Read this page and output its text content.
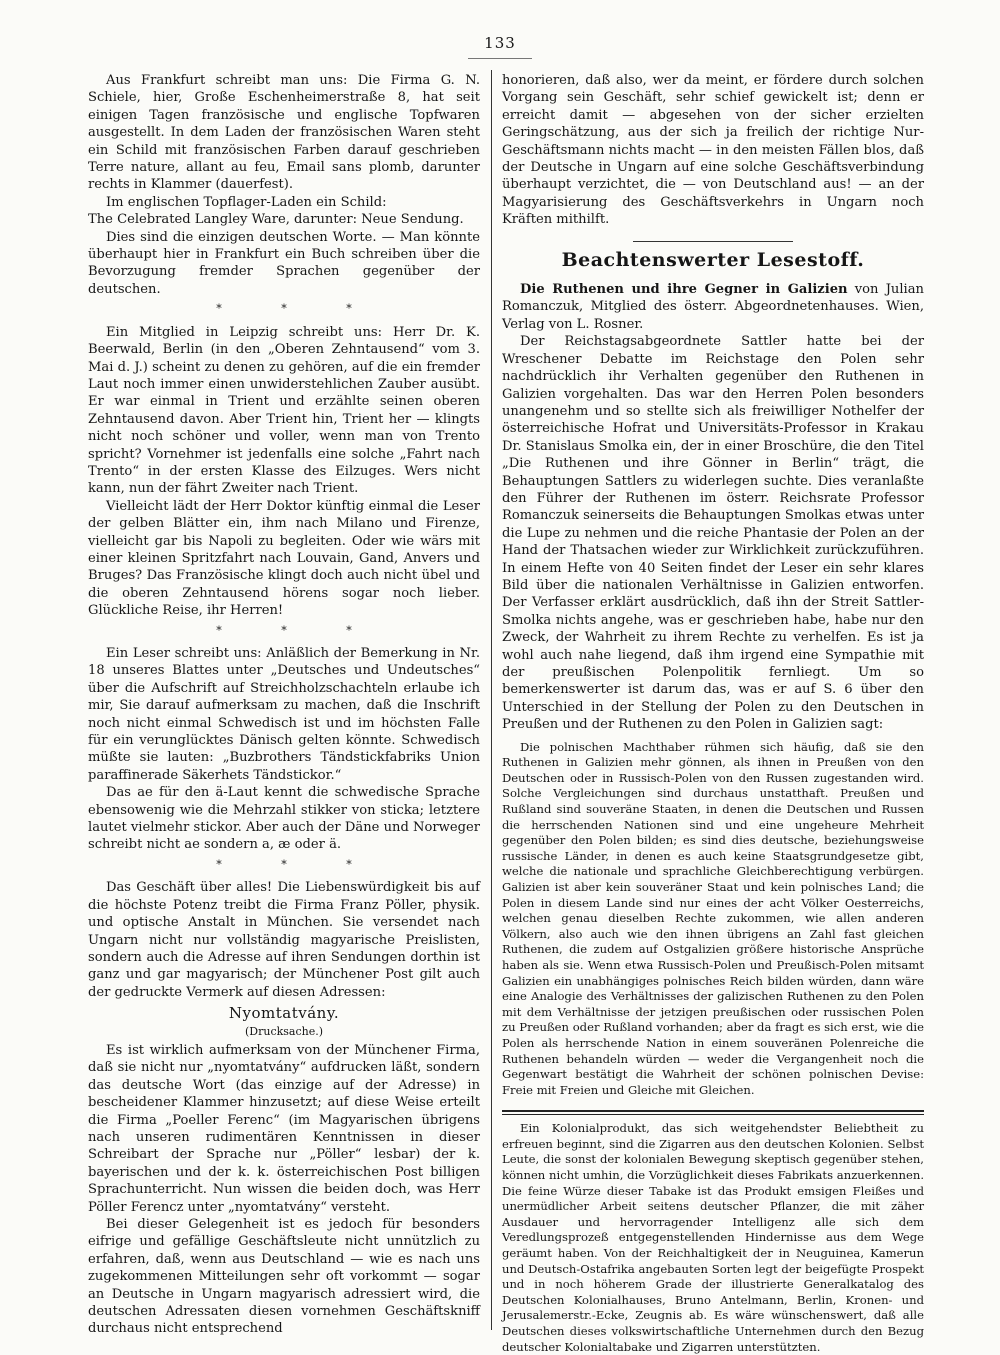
133

Aus Frankfurt schreibt man uns: Die Firma G. N. Schiele, hier, Große Eschenheimerstraße 8, hat seit einigen Tagen französische und englische Topfwaren ausgestellt. In dem Laden der französischen Waren steht ein Schild mit französischen Farben darauf geschrieben Terre nature, allant au feu, Email sans plomb, darunter rechts in Klammer (dauerfest).

Im englischen Topflager-Laden ein Schild:

The Celebrated Langley Ware, darunter: Neue Sendung.

Dies sind die einzigen deutschen Worte. — Man könnte überhaupt hier in Frankfurt ein Buch schreiben über die Bevorzugung fremder Sprachen gegenüber der deutschen.

* * *

Ein Mitglied in Leipzig schreibt uns: Herr Dr. K. Beerwald, Berlin (in den „Oberen Zehntausend“ vom 3. Mai d. J.) scheint zu denen zu gehören, auf die ein fremder Laut noch immer einen unwiderstehlichen Zauber ausübt. Er war einmal in Trient und erzählte seinen oberen Zehntausend davon. Aber Trient hin, Trient her — klingts nicht noch schöner und voller, wenn man von Trento spricht? Vornehmer ist jedenfalls eine solche „Fahrt nach Trento“ in der ersten Klasse des Eilzuges. Wers nicht kann, nun der fährt Zweiter nach Trient.

Vielleicht lädt der Herr Doktor künftig einmal die Leser der gelben Blätter ein, ihm nach Milano und Firenze, vielleicht gar bis Napoli zu begleiten. Oder wie wärs mit einer kleinen Spritzfahrt nach Louvain, Gand, Anvers und Bruges? Das Französische klingt doch auch nicht übel und die oberen Zehntausend hörens sogar noch lieber. Glückliche Reise, ihr Herren!

* * *

Ein Leser schreibt uns: Anläßlich der Bemerkung in Nr. 18 unseres Blattes unter „Deutsches und Undeutsches“ über die Aufschrift auf Streichholzschachteln erlaube ich mir, Sie darauf aufmerksam zu machen, daß die Inschrift noch nicht einmal Schwedisch ist und im höchsten Falle für ein verunglücktes Dänisch gelten könnte. Schwedisch müßte sie lauten: „Buzbrothers Tändstickfabriks Union paraffinerade Säkerhets Tändstickor.“

Das ae für den ä-Laut kennt die schwedische Sprache ebensowenig wie die Mehrzahl stikker von sticka; letztere lautet vielmehr stickor. Aber auch der Däne und Norweger schreibt nicht ae sondern a, æ oder ä.

* * *

Das Geschäft über alles! Die Liebenswürdigkeit bis auf die höchste Potenz treibt die Firma Franz Pöller, physik. und optische Anstalt in München. Sie versendet nach Ungarn nicht nur vollständig magyarische Preislisten, sondern auch die Adresse auf ihren Sendungen dorthin ist ganz und gar magyarisch; der Münchener Post gilt auch der gedruckte Vermerk auf diesen Adressen:

Nyomtatvány.
(Drucksache.)

Es ist wirklich aufmerksam von der Münchener Firma, daß sie nicht nur „nyomtatvány“ aufdrucken läßt, sondern das deutsche Wort (das einzige auf der Adresse) in bescheidener Klammer hinzusetzt; auf diese Weise erteilt die Firma „Poeller Ferenc“ (im Magyarischen übrigens nach unseren rudimentären Kenntnissen in dieser Schreibart der Sprache nur „Pöller“ lesbar) der k. bayerischen und der k. k. österreichischen Post billigen Sprachunterricht. Nun wissen die beiden doch, was Herr Pöller Ferencz unter „nyomtatvány“ versteht.

Bei dieser Gelegenheit ist es jedoch für besonders eifrige und gefällige Geschäftsleute nicht unnützlich zu erfahren, daß, wenn aus Deutschland — wie es nach uns zugekommenen Mitteilungen sehr oft vorkommt — sogar an Deutsche in Ungarn magyarisch adressiert wird, die deutschen Adressaten diesen vornehmen Geschäftskniff durchaus nicht entsprechend

honorieren, daß also, wer da meint, er fördere durch solchen Vorgang sein Geschäft, sehr schief gewickelt ist; denn er erreicht damit — abgesehen von der sicher erzielten Geringschätzung, aus der sich ja freilich der richtige Nur-Geschäftsmann nichts macht — in den meisten Fällen blos, daß der Deutsche in Ungarn auf eine solche Geschäftsverbindung überhaupt verzichtet, die — von Deutschland aus! — an der Magyarisierung des Geschäftsverkehrs in Ungarn noch Kräften mithilft.

Beachtenswerter Lesestoff.

Die Ruthenen und ihre Gegner in Galizien von Julian Romanczuk, Mitglied des österr. Abgeordnetenhauses. Wien, Verlag von L. Rosner.

Der Reichstagsabgeordnete Sattler hatte bei der Wreschener Debatte im Reichstage den Polen sehr nachdrücklich ihr Verhalten gegenüber den Ruthenen in Galizien vorgehalten. Das war den Herren Polen besonders unangenehm und so stellte sich als freiwilliger Nothelfer der österreichische Hofrat und Universitäts-Professor in Krakau Dr. Stanislaus Smolka ein, der in einer Broschüre, die den Titel „Die Ruthenen und ihre Gönner in Berlin“ trägt, die Behauptungen Sattlers zu widerlegen suchte. Dies veranlaßte den Führer der Ruthenen im österr. Reichsrate Professor Romanczuk seinerseits die Behauptungen Smolkas etwas unter die Lupe zu nehmen und die reiche Phantasie der Polen an der Hand der Thatsachen wieder zur Wirklichkeit zurückzuführen. In einem Hefte von 40 Seiten findet der Leser ein sehr klares Bild über die nationalen Verhältnisse in Galizien entworfen. Der Verfasser erklärt ausdrücklich, daß ihn der Streit Sattler-Smolka nichts angehe, was er geschrieben habe, habe nur den Zweck, der Wahrheit zu ihrem Rechte zu verhelfen. Es ist ja wohl auch nahe liegend, daß ihm irgend eine Sympathie mit der preußischen Polenpolitik fernliegt. Um so bemerkenswerter ist darum das, was er auf S. 6 über den Unterschied in der Stellung der Polen zu den Deutschen in Preußen und der Ruthenen zu den Polen in Galizien sagt:

Die polnischen Machthaber rühmen sich häufig, daß sie den Ruthenen in Galizien mehr gönnen, als ihnen in Preußen von den Deutschen oder in Russisch-Polen von den Russen zugestanden wird. Solche Vergleichungen sind durchaus unstatthaft. Preußen und Rußland sind souveräne Staaten, in denen die Deutschen und Russen die herrschenden Nationen sind und eine ungeheure Mehrheit gegenüber den Polen bilden; es sind dies deutsche, beziehungsweise russische Länder, in denen es auch keine Staatsgrundgesetze gibt, welche die nationale und sprachliche Gleichberechtigung verbürgen. Galizien ist aber kein souveräner Staat und kein polnisches Land; die Polen in diesem Lande sind nur eines der acht Völker Oesterreichs, welchen genau dieselben Rechte zukommen, wie allen anderen Völkern, also auch wie den ihnen übrigens an Zahl fast gleichen Ruthenen, die zudem auf Ostgalizien größere historische Ansprüche haben als sie. Wenn etwa Russisch-Polen und Preußisch-Polen mitsamt Galizien ein unabhängiges polnisches Reich bilden würden, dann wäre eine Analogie des Verhältnisses der galizischen Ruthenen zu den Polen mit dem Verhältnisse der jetzigen preußischen oder russischen Polen zu Preußen oder Rußland vorhanden; aber da fragt es sich erst, wie die Polen als herrschende Nation in einem souveränen Polenreiche die Ruthenen behandeln würden — weder die Vergangenheit noch die Gegenwart bestätigt die Wahrheit der schönen polnischen Devise: Freie mit Freien und Gleiche mit Gleichen.

Ein Kolonialprodukt, das sich weitgehendster Beliebtheit zu erfreuen beginnt, sind die Zigarren aus den deutschen Kolonien. Selbst Leute, die sonst der kolonialen Bewegung skeptisch gegenüber stehen, können nicht umhin, die Vorzüglichkeit dieses Fabrikats anzuerkennen. Die feine Würze dieser Tabake ist das Produkt emsigen Fleißes und unermüdlicher Arbeit seitens deutscher Pflanzer, die mit zäher Ausdauer und hervorragender Intelligenz alle sich dem Veredlungsprozeß entgegenstellenden Hindernisse aus dem Wege geräumt haben. Von der Reichhaltigkeit der in Neuguinea, Kamerun und Deutsch-Ostafrika angebauten Sorten legt der beigefügte Prospekt und in noch höherem Grade der illustrierte Generalkatalog des Deutschen Kolonialhauses, Bruno Antelmann, Berlin, Kronen- und Jerusalemerstr.-Ecke, Zeugnis ab. Es wäre wünschenswert, daß alle Deutschen dieses volkswirtschaftliche Unternehmen durch den Bezug deutscher Kolonialtabake und Zigarren unterstützten.
